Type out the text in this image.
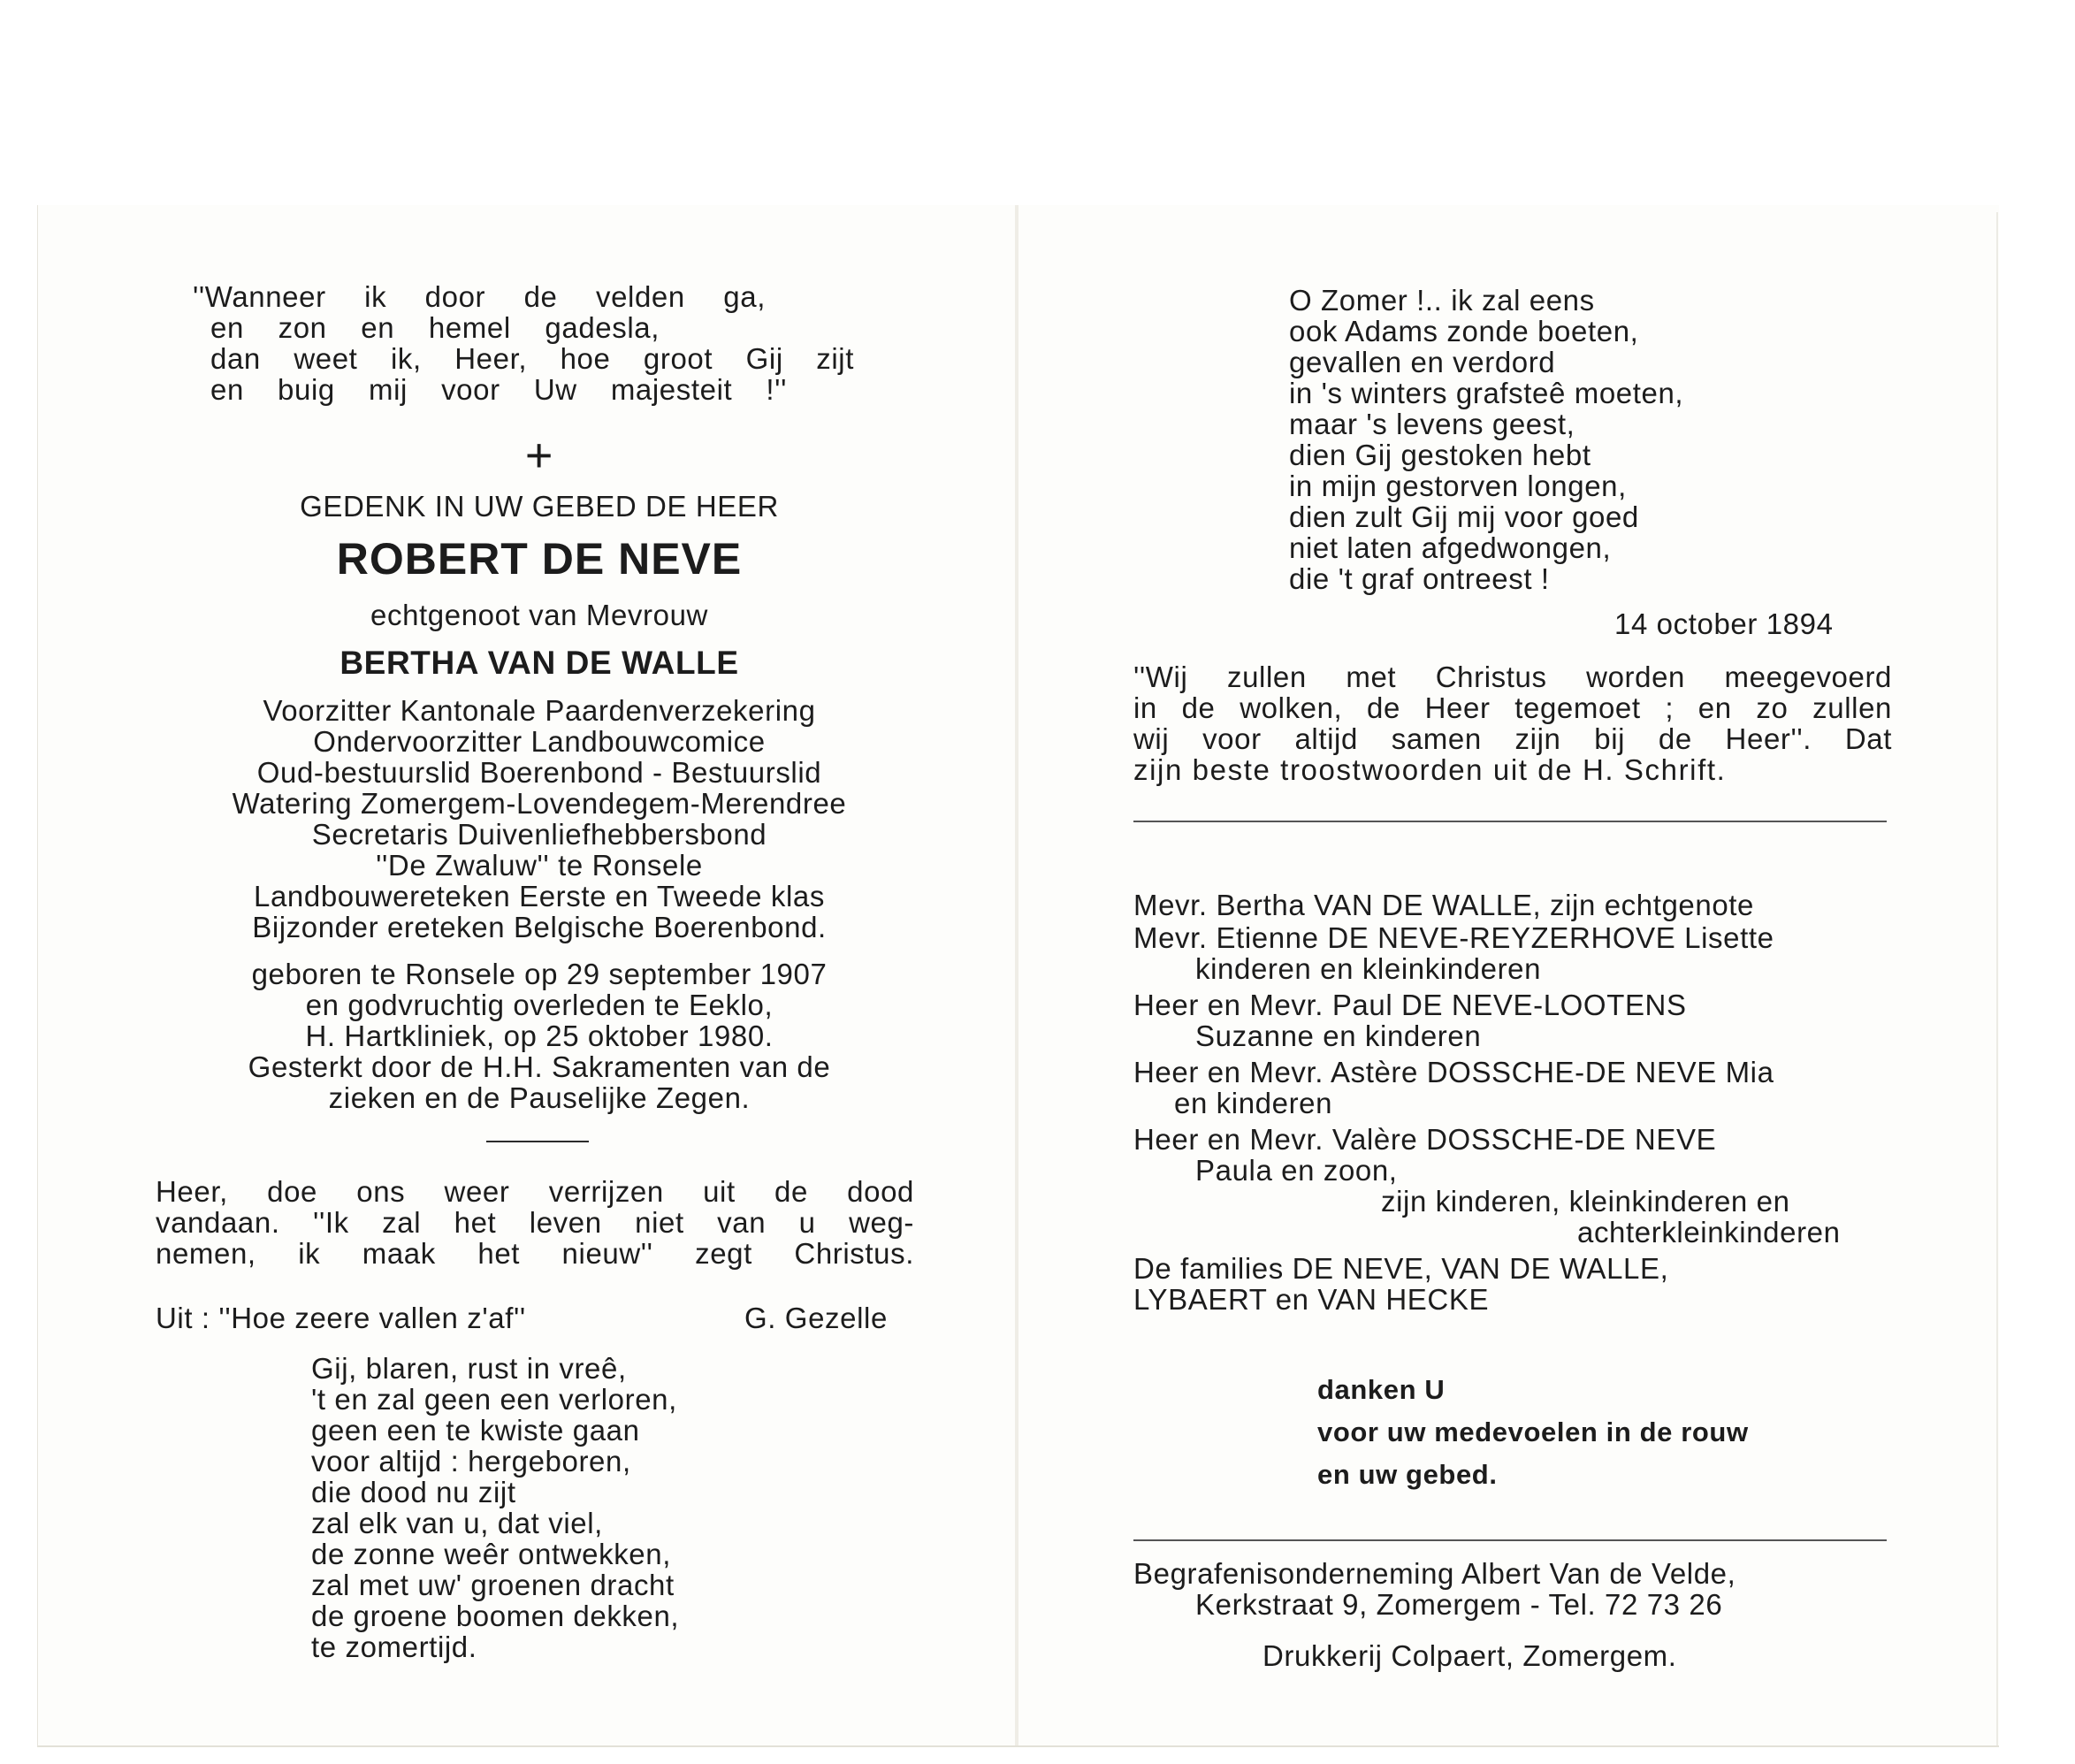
''Wanneer ik door de velden ga,
en zon en hemel gadesla,
dan weet ik, Heer, hoe groot Gij zijt
en buig mij voor Uw majesteit !''
+
GEDENK IN UW GEBED DE HEER
ROBERT DE NEVE
echtgenoot van Mevrouw
BERTHA VAN DE WALLE
Voorzitter Kantonale Paardenverzekering
Ondervoorzitter Landbouwcomice
Oud-bestuurslid Boerenbond - Bestuurslid
Watering Zomergem-Lovendegem-Merendree
Secretaris Duivenliefhebbersbond
''De Zwaluw'' te Ronsele
Landbouwereteken Eerste en Tweede klas
Bijzonder ereteken Belgische Boerenbond.
geboren te Ronsele op 29 september 1907
en godvruchtig overleden te Eeklo,
H. Hartkliniek, op 25 oktober 1980.
Gesterkt door de H.H. Sakramenten van de
zieken en de Pauselijke Zegen.
Heer, doe ons weer verrijzen uit de dood
vandaan. ''Ik zal het leven niet van u weg-
nemen, ik maak het nieuw'' zegt Christus.
Uit : ''Hoe zeere vallen z'af''	G. Gezelle
Gij, blaren, rust in vreê,
't en zal geen een verloren,
geen een te kwiste gaan
voor altijd : hergeboren,
die dood nu zijt
zal elk van u, dat viel,
de zonne weêr ontwekken,
zal met uw' groenen dracht
de groene boomen dekken,
te zomertijd.
O Zomer !.. ik zal eens
ook Adams zonde boeten,
gevallen en verdord
in 's winters grafsteê moeten,
maar 's levens geest,
dien Gij gestoken hebt
in mijn gestorven longen,
dien zult Gij mij voor goed
niet laten afgedwongen,
die 't graf ontreest !
14 october 1894
''Wij zullen met Christus worden meegevoerd
in de wolken, de Heer tegemoet ; en zo zullen
wij voor altijd samen zijn bij de Heer''. Dat
zijn beste troostwoorden uit de H. Schrift.
Mevr. Bertha VAN DE WALLE, zijn echtgenote
Mevr. Etienne DE NEVE-REYZERHOVE Lisette
kinderen en kleinkinderen
Heer en Mevr. Paul DE NEVE-LOOTENS
Suzanne en kinderen
Heer en Mevr. Astère DOSSCHE-DE NEVE Mia
en kinderen
Heer en Mevr. Valère DOSSCHE-DE NEVE
Paula en zoon,
zijn kinderen, kleinkinderen en
achterkleinkinderen
De families DE NEVE, VAN DE WALLE,
LYBAERT en VAN HECKE
danken U
voor uw medevoelen in de rouw
en uw gebed.
Begrafenisonderneming Albert Van de Velde,
Kerkstraat 9, Zomergem - Tel. 72 73 26
Drukkerij Colpaert, Zomergem.
